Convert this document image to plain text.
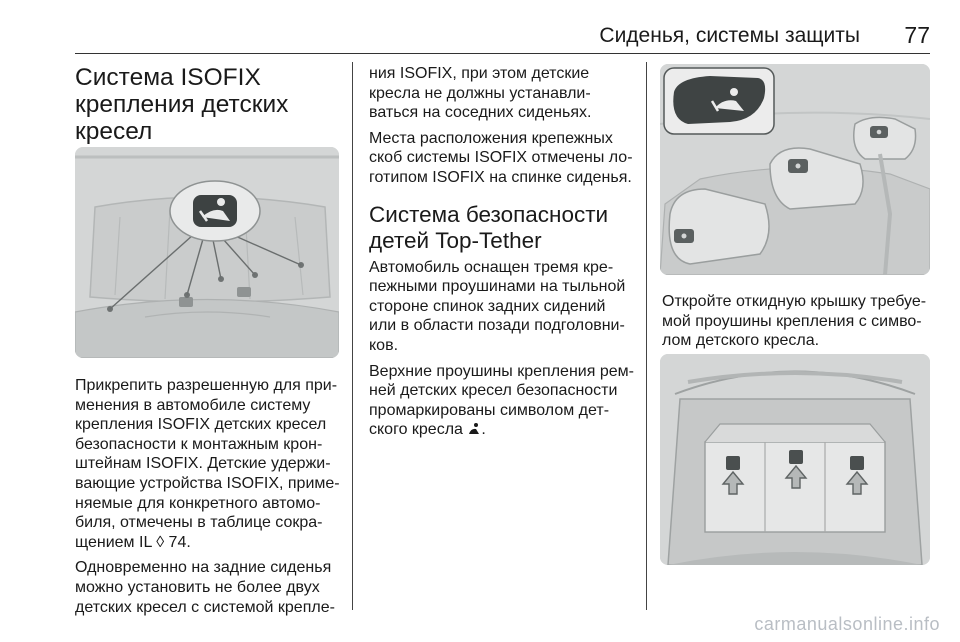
Сиденья, системы защиты	77
Система ISOFIX
крепления детских кресел

Прикрепить разрешенную для при-
менения в автомобиле систему
крепления ISOFIX детских кресел
безопасности к монтажным крон-
штейнам ISOFIX. Детские удержи-
вающие устройства ISOFIX, приме-
няемые для конкретного автомо-
биля, отмечены в таблице сокра-
щением IL ◊ 74.

Одновременно на задние сиденья
можно установить не более двух
детских кресел с системой крепле-

ния ISOFIX, при этом детские
кресла не должны устанавли-
ваться на соседних сиденьях.

Места расположения крепежных
скоб системы ISOFIX отмечены ло-
готипом ISOFIX на спинке сиденья.

Система безопасности
детей Top-Tether

Автомобиль оснащен тремя кре-
пежными проушинами на тыльной
стороне спинок задних сидений
или в области позади подголовни-
ков.

Верхние проушины крепления рем-
ней детских кресел безопасности
промаркированы символом дет-
ского кресла .

Откройте откидную крышку требуе-
мой проушины крепления с симво-
лом детского кресла.

carmanualsonline.info
